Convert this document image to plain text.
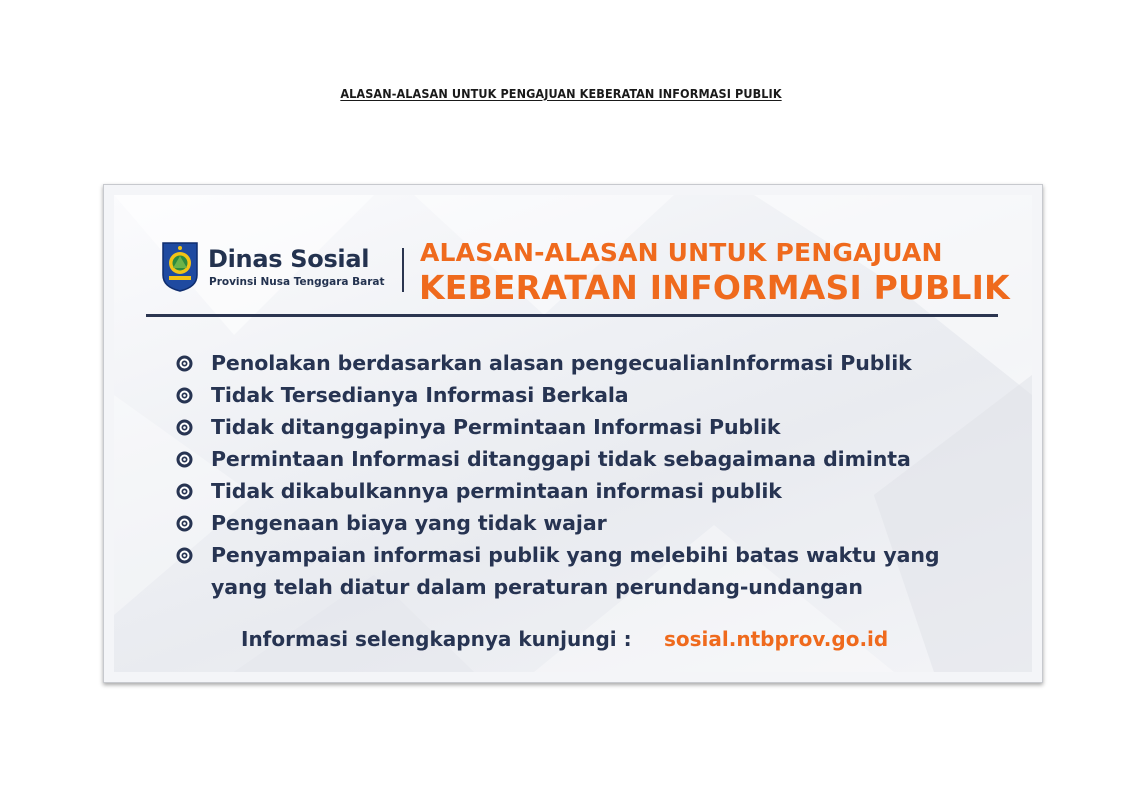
ALASAN-ALASAN UNTUK PENGAJUAN KEBERATAN INFORMASI PUBLIK
Dinas Sosial
Provinsi Nusa Tenggara Barat
ALASAN-ALASAN UNTUK PENGAJUAN
KEBERATAN INFORMASI PUBLIK
Penolakan berdasarkan alasan pengecualianInformasi Publik
Tidak Tersedianya Informasi Berkala
Tidak ditanggapinya Permintaan Informasi Publik
Permintaan Informasi ditanggapi tidak sebagaimana diminta
Tidak dikabulkannya permintaan informasi publik
Pengenaan biaya yang tidak wajar
Penyampaian informasi publik yang melebihi batas waktu yang
yang telah diatur dalam peraturan perundang-undangan
Informasi selengkapnya kunjungi : sosial.ntbprov.go.id
